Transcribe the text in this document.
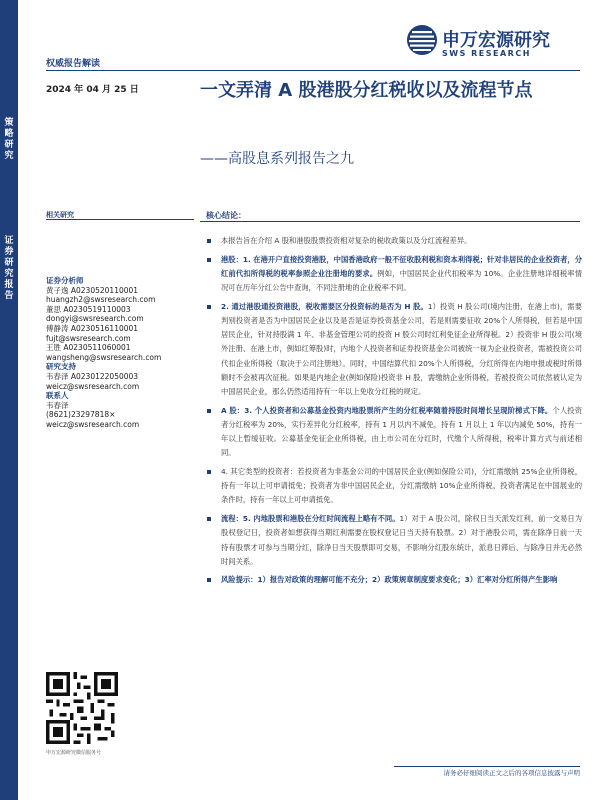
策略研究
证券研究报告
申万宏源研究
SWS RESEARCH
权威报告解读
2024 年 04 月 25 日	一文弄清 A 股港股分红税收以及流程节点
——高股息系列报告之九
相关研究
证券分析师
黄子逸 A0230520110001
huangzh2@swsresearch.com
董思 A0230519110003
dongyi@swsresearch.com
傅静涛 A0230516110001
fujt@swsresearch.com
王胜 A0230511060001
wangsheng@swsresearch.com
研究支持
韦春泽 A0230122050003
weicz@swsresearch.com
联系人
韦春泽
(8621)23297818×
weicz@swsresearch.com
核心结论：
本报告旨在介绍 A 股和港股股票投资相对复杂的税收政策以及分红流程差异。
港股：1. 在港开户直接投资港股，中国香港政府一般不征收股利税和资本利得税；针对非居民的企业投资者，分红前代扣所得税的税率参照企业注册地的要求。例如，中国居民企业代扣税率为 10%。企业注册地详细税率情况可在历年分红公告中查询，不同注册地的企业税率不同。
2. 通过港股通投资港股，税收需要区分投资标的是否为 H 股。1）投资 H 股公司(境内注册、在港上市)，需要判别投资者是否为中国居民企业以及是否是证券投资基金公司，若是则需要征收 20%个人所得税，但若是中国居民企业，针对持股满 1 年、非基金管理公司的投资 H 股公司时红利免征企业所得税。2）投资非 H 股公司(境外注册、在港上市，例如红筹股)时，内地个人投资者和证券投资基金公司被统一视为企业投资者，需被投资公司代扣企业所得税（取决于公司注册地）。同时，中国结算代扣 20%个人所得税，分红所得在内地申报或税时所得额时不会被再次征税。如果是内地企业(例如保险)投资非 H 股，需缴纳企业所得税，若被投资公司依然被认定为中国居民企业，那么仍然适用持有一年以上免收分红税的规定。
A 股：3. 个人投资者和公募基金投资内地股票所产生的分红税率随着持股时间增长呈现阶梯式下降。个人投资者分红税率为 20%，实行差异化分红税率，持有 1 月以内不减免，持有 1 月以上 1 年以内减免 50%，持有一年以上暂缓征收。公募基金免征企业所得税，由上市公司在分红时，代缴个人所得税，税率计算方式与前述相同。
4. 其它类型的投资者：若投资者为非基金公司的中国居民企业(例如保险公司)，分红需缴纳 25%企业所得税，持有一年以上可申请抵免；投资者为非中国居民企业，分红需缴纳 10%企业所得税，投资者满足在中国展业的条件时，持有一年以上可申请抵免。
流程：5. 内地股票和港股在分红时间流程上略有不同。1）对于 A 股公司，除权日当天派发红利，前一交易日为股权登记日，投资者如想获得当期红利需要在股权登记日当天持有股票。2）对于港股公司，需在除净日前一天持有股票才可参与当期分红，除净日当天股票即可交易，不影响分红股东统计，派息日滞后、与除净日并无必然时间关系。
风险提示：1）报告对政策的理解可能不充分；2）政策规章制度要求变化；3）汇率对分红所得产生影响
申万宏源研究微信服务号
请务必仔细阅读正文之后的各项信息披露与声明
